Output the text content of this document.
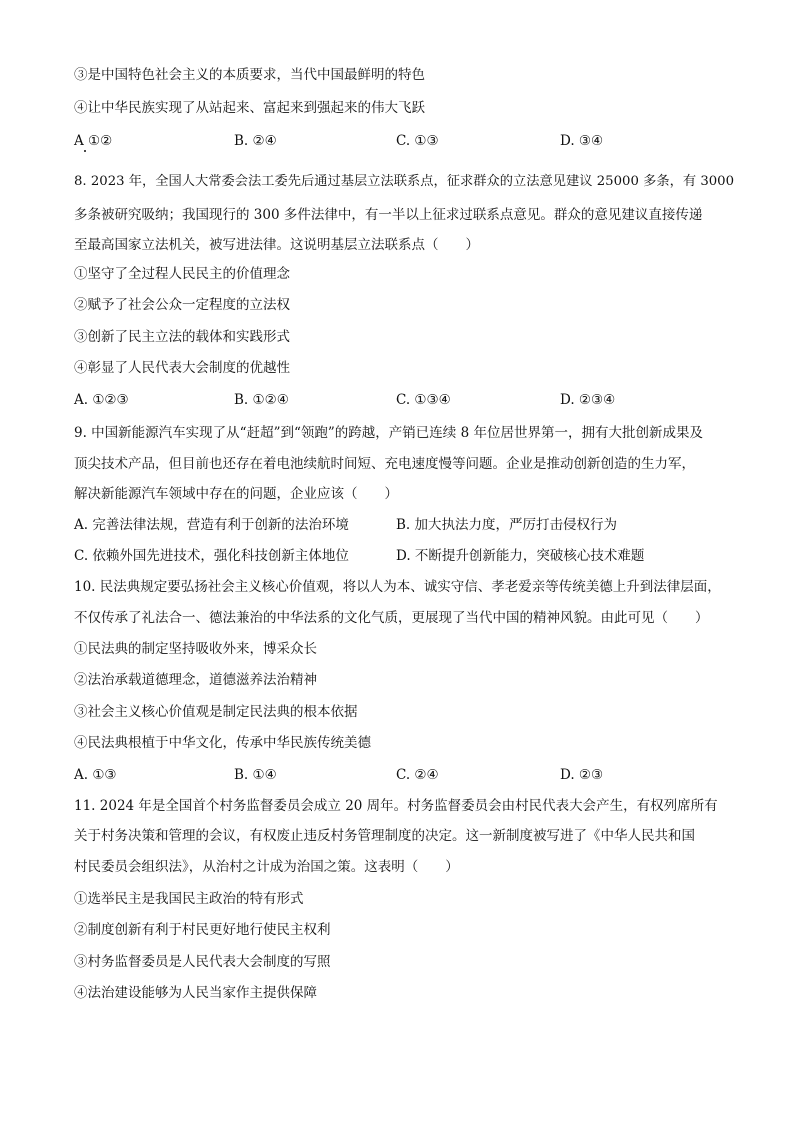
③是中国特色社会主义的本质要求，当代中国最鲜明的特色
④让中华民族实现了从站起来、富起来到强起来的伟大飞跃
A ①②	B. ②④	C. ①③	D. ③④
8. 2023 年，全国人大常委会法工委先后通过基层立法联系点，征求群众的立法意见建议 25000 多条，有 3000
多条被研究吸纳；我国现行的 300 多件法律中，有一半以上征求过联系点意见。群众的意见建议直接传递
至最高国家立法机关，被写进法律。这说明基层立法联系点（　　）
①坚守了全过程人民民主的价值理念
②赋予了社会公众一定程度的立法权
③创新了民主立法的载体和实践形式
④彰显了人民代表大会制度的优越性
A. ①②③	B. ①②④	C. ①③④	D. ②③④
9. 中国新能源汽车实现了从“赶超”到“领跑”的跨越，产销已连续 8 年位居世界第一，拥有大批创新成果及
顶尖技术产品，但目前也还存在着电池续航时间短、充电速度慢等问题。企业是推动创新创造的生力军，
解决新能源汽车领域中存在的问题，企业应该（　　）
A. 完善法律法规，营造有利于创新的法治环境	B. 加大执法力度，严厉打击侵权行为
C. 依赖外国先进技术，强化科技创新主体地位	D. 不断提升创新能力，突破核心技术难题
10. 民法典规定要弘扬社会主义核心价值观，将以人为本、诚实守信、孝老爱亲等传统美德上升到法律层面，
不仅传承了礼法合一、德法兼治的中华法系的文化气质，更展现了当代中国的精神风貌。由此可见（　　）
①民法典的制定坚持吸收外来，博采众长
②法治承载道德理念，道德滋养法治精神
③社会主义核心价值观是制定民法典的根本依据
④民法典根植于中华文化，传承中华民族传统美德
A. ①③	B. ①④	C. ②④	D. ②③
11. 2024 年是全国首个村务监督委员会成立 20 周年。村务监督委员会由村民代表大会产生，有权列席所有
关于村务决策和管理的会议，有权废止违反村务管理制度的决定。这一新制度被写进了《中华人民共和国
村民委员会组织法》，从治村之计成为治国之策。这表明（　　）
①选举民主是我国民主政治的特有形式
②制度创新有利于村民更好地行使民主权利
③村务监督委员是人民代表大会制度的写照
④法治建设能够为人民当家作主提供保障
